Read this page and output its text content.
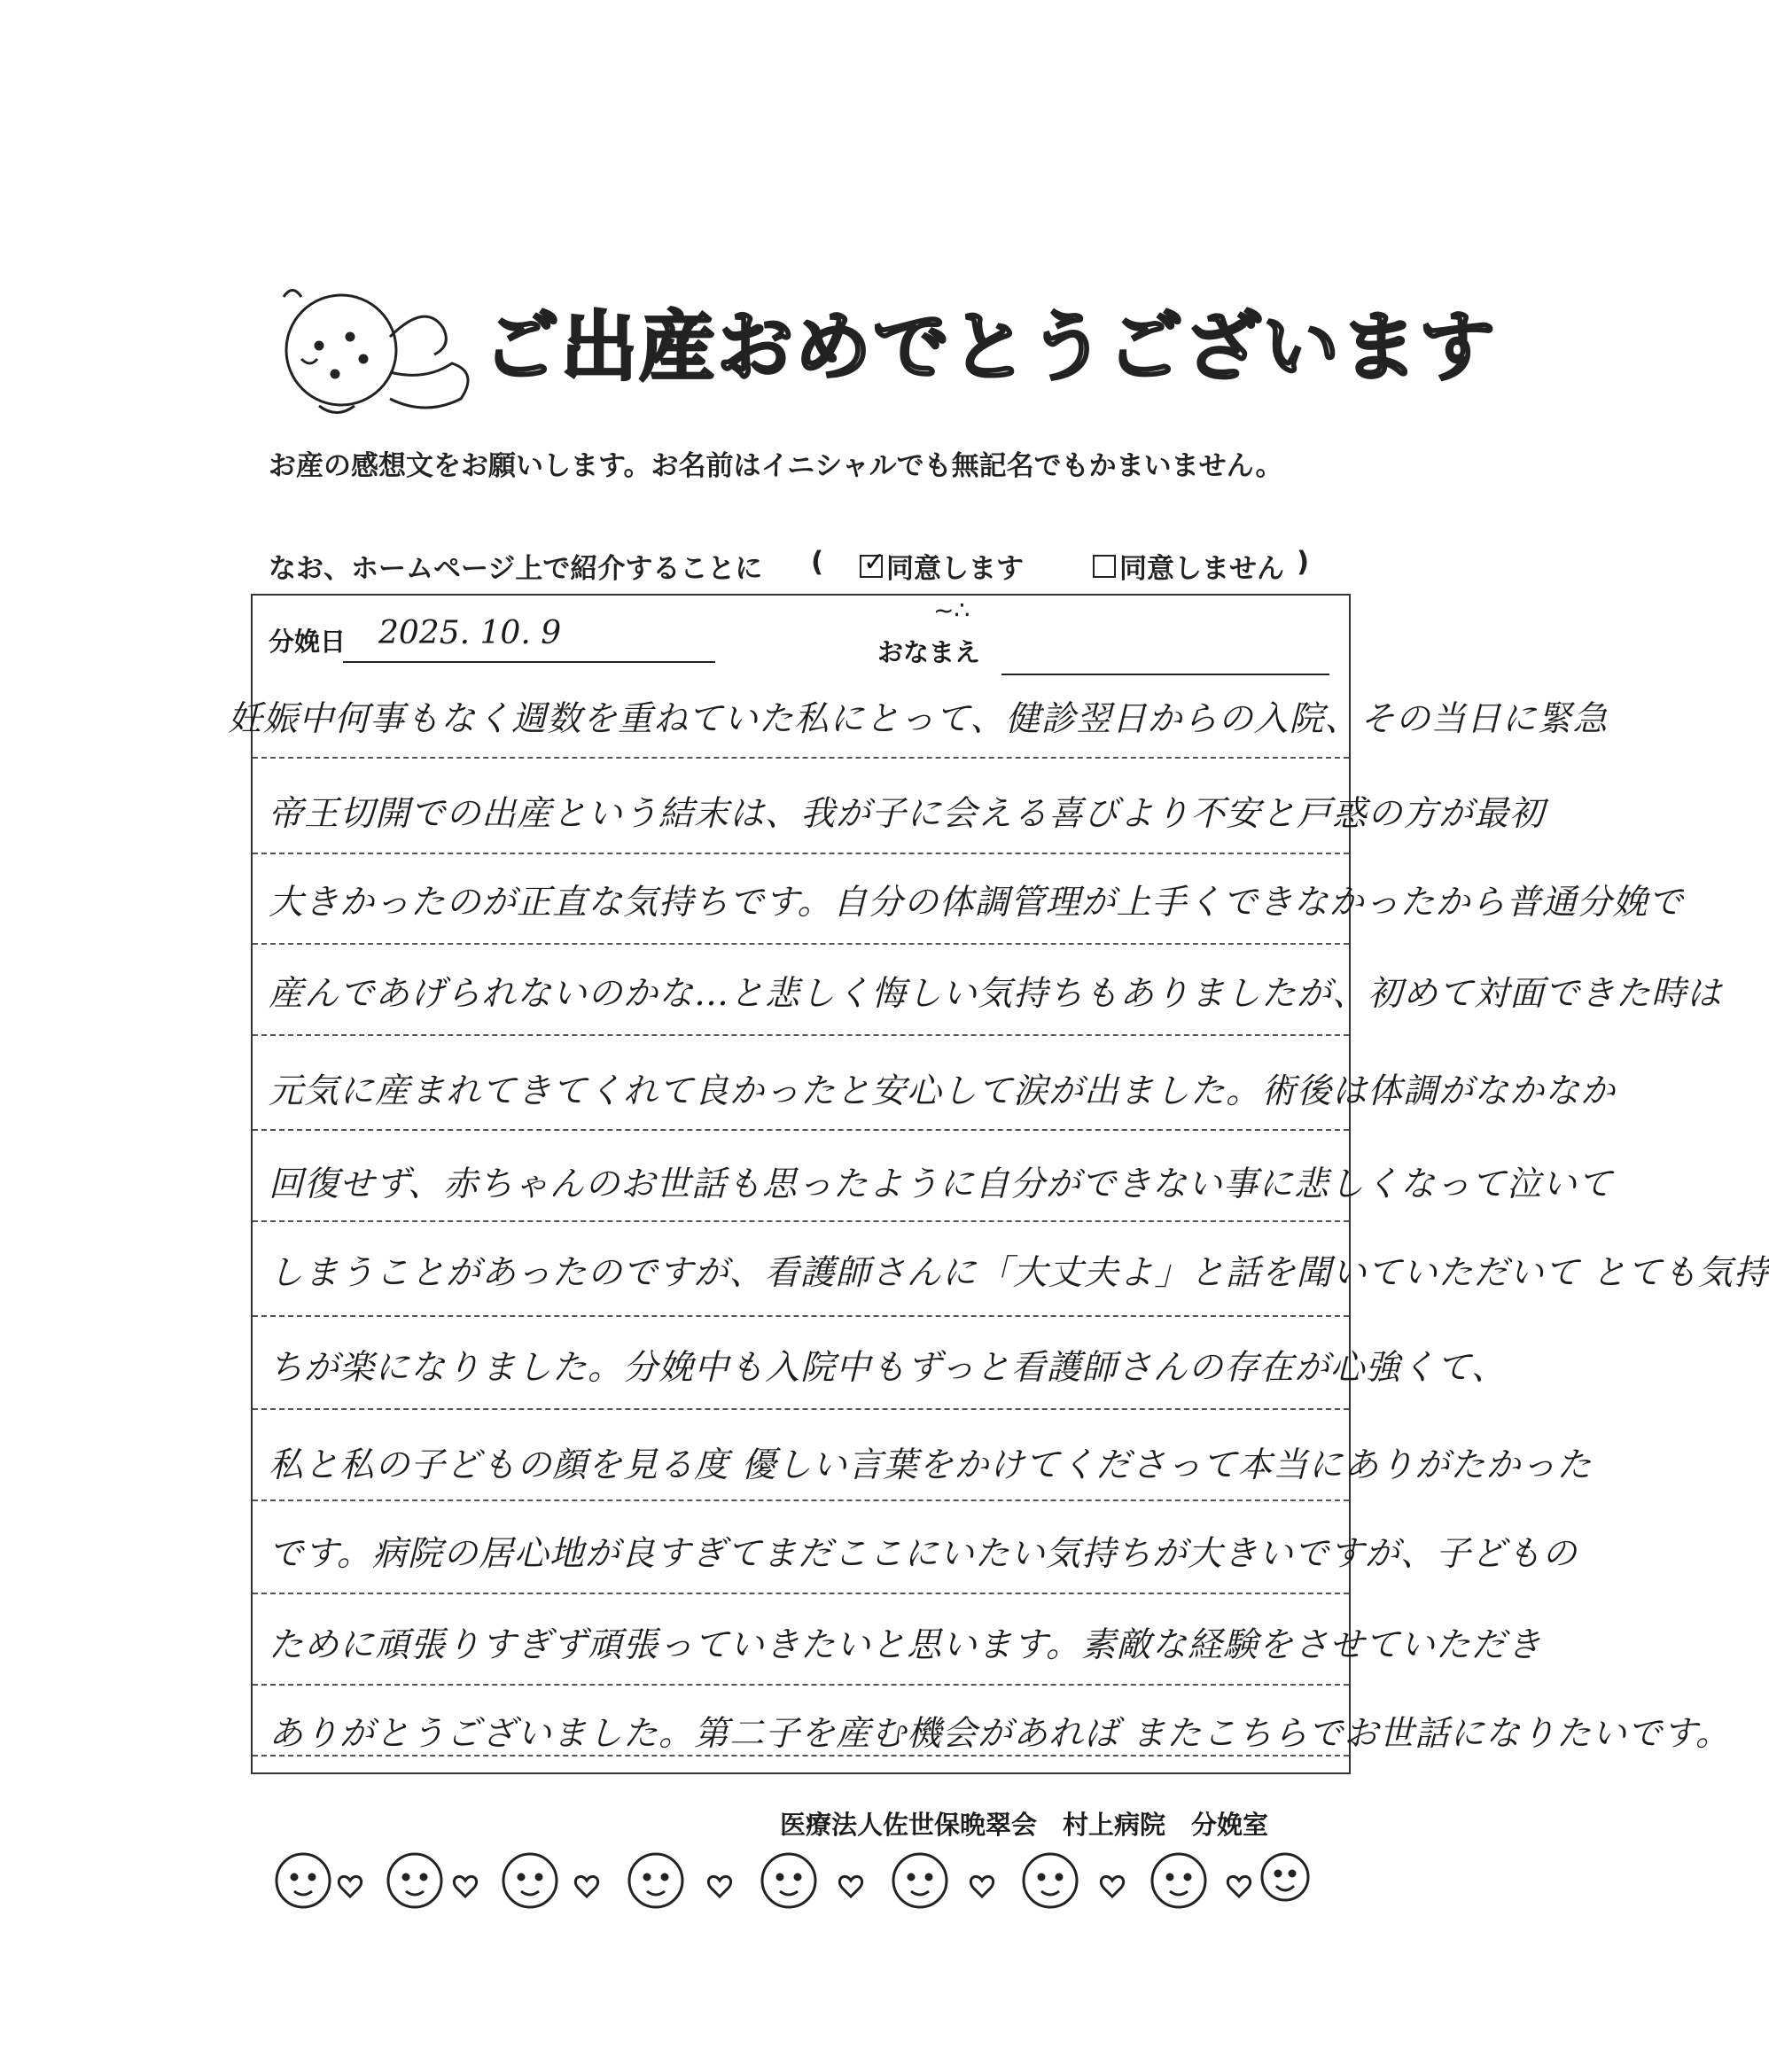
ご出産おめでとうございます
お産の感想文をお願いします。お名前はイニシャルでも無記名でもかまいません。
なお、ホームページ上で紹介することに ( ✓ 同意します	同意しません )
分娩日 2025. 10. 9
~∴
おなまえ
妊娠中何事もなく週数を重ねていた私にとって、健診翌日からの入院、その当日に緊急
帝王切開での出産という結末は、我が子に会える喜びより不安と戸惑の方が最初
大きかったのが正直な気持ちです。自分の体調管理が上手くできなかったから普通分娩で
産んであげられないのかな…と悲しく悔しい気持ちもありましたが、初めて対面できた時は
元気に産まれてきてくれて良かったと安心して涙が出ました。術後は体調がなかなか
回復せず、赤ちゃんのお世話も思ったように自分ができない事に悲しくなって泣いて
しまうことがあったのですが、看護師さんに「大丈夫よ」と話を聞いていただいて とても気持
ちが楽になりました。分娩中も入院中もずっと看護師さんの存在が心強くて、
私と私の子どもの顔を見る度 優しい言葉をかけてくださって本当にありがたかった
です。病院の居心地が良すぎてまだここにいたい気持ちが大きいですが、子どもの
ために頑張りすぎず頑張っていきたいと思います。素敵な経験をさせていただき
ありがとうございました。第二子を産む機会があれば またこちらでお世話になりたいです。
医療法人佐世保晩翠会　村上病院　分娩室
